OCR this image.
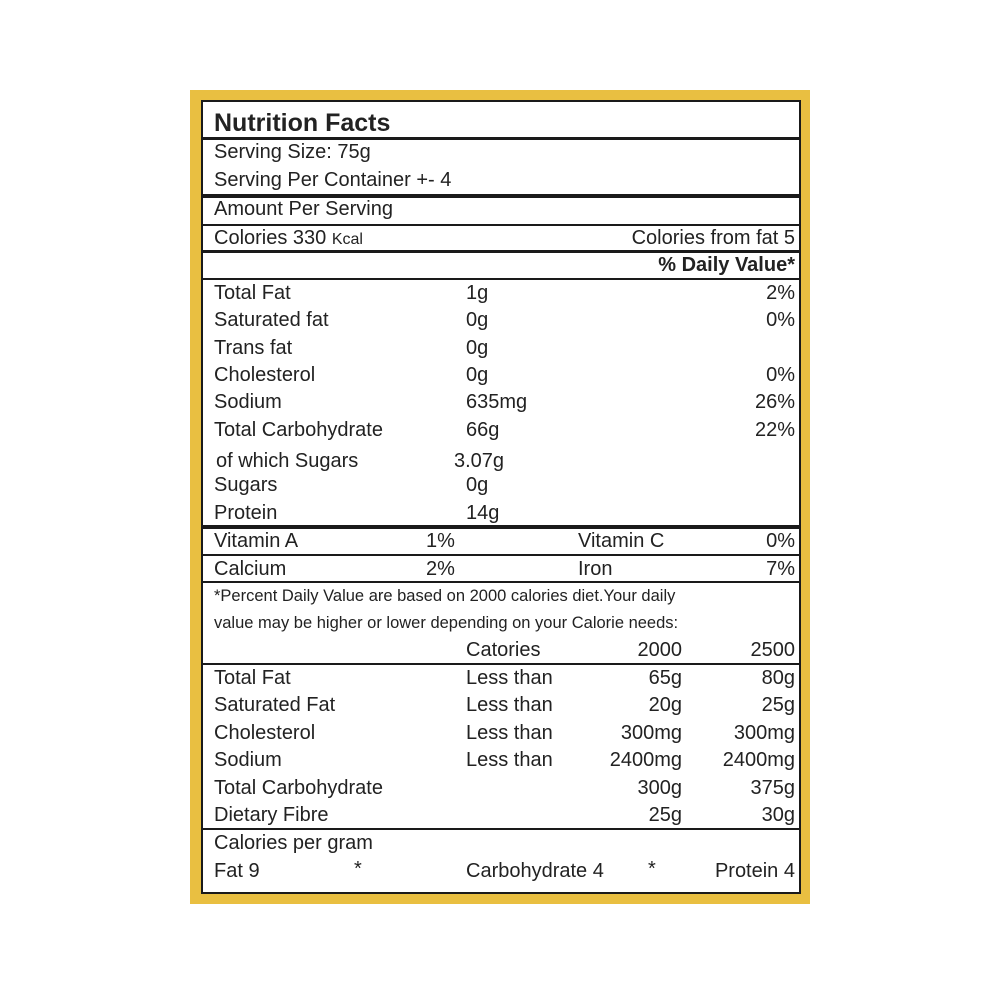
Nutrition Facts
Serving Size: 75g
Serving Per Container +- 4
Amount Per Serving
Colories 330 Kcal	Colories from fat 5
% Daily Value*
Total Fat	1g	2%
Saturated fat	0g	0%
Trans fat	0g
Cholesterol	0g	0%
Sodium	635mg	26%
Total Carbohydrate	66g	22%
of which Sugars	3.07g
Sugars	0g
Protein	14g
Vitamin A	1%	Vitamin C	0%
Calcium	2%	Iron	7%
*Percent Daily Value are based on 2000 calories diet.Your daily
value may be higher or lower depending on your Calorie needs:
Catories	2000	2500
Total Fat	Less than	65g	80g
Saturated Fat	Less than	20g	25g
Cholesterol	Less than	300mg	300mg
Sodium	Less than	2400mg 2400mg
Total Carbohydrate	300g	375g
Dietary Fibre	25g	30g
Calories per gram
Fat 9	*	Carbohydrate 4 *	Protein 4
